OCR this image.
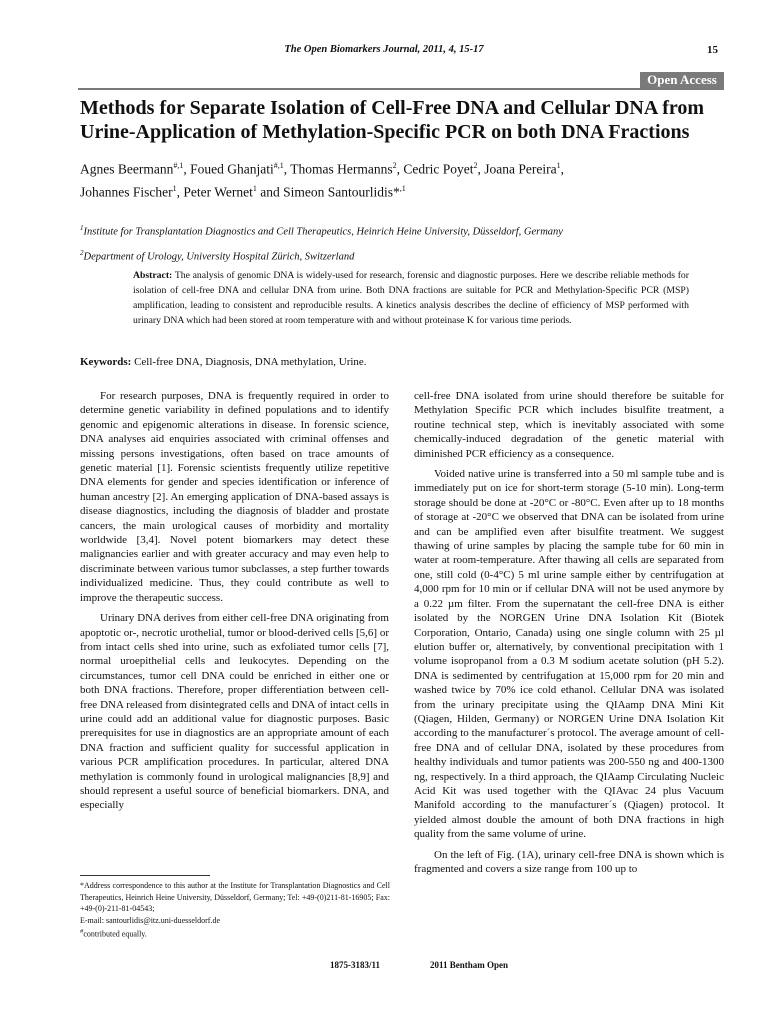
The Open Biomarkers Journal, 2011, 4, 15-17	15
Open Access
Methods for Separate Isolation of Cell-Free DNA and Cellular DNA from Urine-Application of Methylation-Specific PCR on both DNA Fractions
Agnes Beermann$^{\#,1}$, Foued Ghanjati$^{\#,1}$, Thomas Hermanns$^2$, Cedric Poyet$^2$, Joana Pereira$^1$,
Johannes Fischer$^1$, Peter Wernet$^1$ and Simeon Santourlidis*$^{,1}$
$^1$Institute for Transplantation Diagnostics and Cell Therapeutics, Heinrich Heine University, Düsseldorf, Germany
$^2$Department of Urology, University Hospital Zürich, Switzerland
Abstract: The analysis of genomic DNA is widely-used for research, forensic and diagnostic purposes. Here we describe reliable methods for isolation of cell-free DNA and cellular DNA from urine. Both DNA fractions are suitable for PCR and Methylation-Specific PCR (MSP) amplification, leading to consistent and reproducible results. A kinetics analysis describes the decline of efficiency of MSP performed with urinary DNA which had been stored at room temperature with and without proteinase K for various time periods.
Keywords: Cell-free DNA, Diagnosis, DNA methylation, Urine.

For research purposes, DNA is frequently required in order to determine genetic variability in defined populations and to identify genomic and epigenomic alterations in disease. In forensic science, DNA analyses aid enquiries associated with criminal offenses and missing persons investigations, often based on trace amounts of genetic material [1]. Forensic scientists frequently utilize repetitive DNA elements for gender and species identification or inference of human ancestry [2]. An emerging application of DNA-based assays is disease diagnostics, including the diagnosis of bladder and prostate cancers, the main urological causes of morbidity and mortality worldwide [3,4]. Novel potent biomarkers may detect these malignancies earlier and with greater accuracy and may even help to discriminate between various tumor subclasses, a step further towards individualized medicine. Thus, they could contribute as well to improve the therapeutic success.

Urinary DNA derives from either cell-free DNA originating from apoptotic or-, necrotic urothelial, tumor or blood-derived cells [5,6] or from intact cells shed into urine, such as exfoliated tumor cells [7], normal uroepithelial cells and leukocytes. Depending on the circumstances, tumor cell DNA could be enriched in either one or both DNA fractions. Therefore, proper differentiation between cell-free DNA released from disintegrated cells and DNA of intact cells in urine could add an additional value for diagnostic purposes. Basic prerequisites for use in diagnostics are an appropriate amount of each DNA fraction and sufficient quality for successful application in various PCR amplification procedures. In particular, altered DNA methylation is commonly found in urological malignancies [8,9] and should represent a useful source of beneficial biomarkers. DNA, and especially

cell-free DNA isolated from urine should therefore be suitable for Methylation Specific PCR which includes bisulfite treatment, a routine technical step, which is inevitably associated with some chemically-induced degradation of the genetic material with diminished PCR efficiency as a consequence.

Voided native urine is transferred into a 50 ml sample tube and is immediately put on ice for short-term storage (5-10 min). Long-term storage should be done at -20°C or -80°C. Even after up to 18 months of storage at -20°C we observed that DNA can be isolated from urine and can be amplified even after bisulfite treatment. We suggest thawing of urine samples by placing the sample tube for 60 min in water at room-temperature. After thawing all cells are separated from one, still cold (0-4°C) 5 ml urine sample either by centrifugation at 4,000 rpm for 10 min or if cellular DNA will not be used anymore by a 0.22 µm filter. From the supernatant the cell-free DNA is either isolated by the NORGEN Urine DNA Isolation Kit (Biotek Corporation, Ontario, Canada) using one single column with 25 µl elution buffer or, alternatively, by conventional precipitation with 1 volume isopropanol from a 0.3 M sodium acetate solution (pH 5.2). DNA is sedimented by centrifugation at 15,000 rpm for 20 min and washed twice by 70% ice cold ethanol. Cellular DNA was isolated from the urinary precipitate using the QIAamp DNA Mini Kit (Qiagen, Hilden, Germany) or NORGEN Urine DNA Isolation Kit according to the manufacturer´s protocol. The average amount of cell-free DNA and of cellular DNA, isolated by these procedures from healthy individuals and tumor patients was 200-550 ng and 400-1300 ng, respectively. In a third approach, the QIAamp Circulating Nucleic Acid Kit was used together with the QIAvac 24 plus Vacuum Manifold according to the manufacturer´s (Qiagen) protocol. It yielded almost double the amount of both DNA fractions in high quality from the same volume of urine.

On the left of Fig. (1A), urinary cell-free DNA is shown which is fragmented and covers a size range from 100 up to

*Address correspondence to this author at the Institute for Transplantation Diagnostics and Cell Therapeutics, Heinrich Heine University, Düsseldorf, Germany; Tel: +49-(0)211-81-16905; Fax: +49-(0)-211-81-04543;
E-mail: santourlidis@itz.uni-duesseldorf.de
#contributed equally.
1875-3183/11	2011 Bentham Open
